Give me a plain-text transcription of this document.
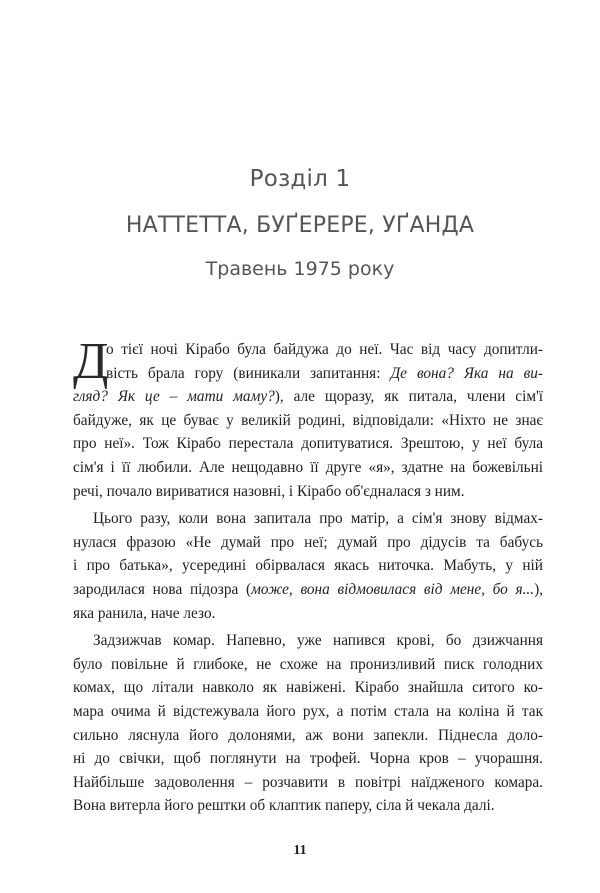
Розділ 1
НАТТЕТТА, БУҐЕРЕРЕ, УҐАНДА
Травень 1975 року
Д
о тієї ночі Кірабо була байдужа до неї. Час від часу допитли-
вість брала гору (виникали запитання: Де вона? Яка на ви-
гляд? Як це – мати маму?), але щоразу, як питала, члени сім'ї
байдуже, як це буває у великій родині, відповідали: «Ніхто не знає
про неї». Тож Кірабо перестала допитуватися. Зрештою, у неї була
сім'я і її любили. Але нещодавно її друге «я», здатне на божевільні
речі, почало вириватися назовні, і Кірабо об'єдналася з ним.
Цього разу, коли вона запитала про матір, а сім'я знову відмах-
нулася фразою «Не думай про неї; думай про дідусів та бабусь
і про батька», усередині обірвалася якась ниточка. Мабуть, у ній
зародилася нова підозра (може, вона відмовилася від мене, бо я...),
яка ранила, наче лезо.
Задзижчав комар. Напевно, уже напився крові, бо дзижчання
було повільне й глибоке, не схоже на пронизливий писк голодних
комах, що літали навколо як навіжені. Кірабо знайшла ситого ко-
мара очима й відстежувала його рух, а потім стала на коліна й так
сильно ляснула його долонями, аж вони запекли. Піднесла доло-
ні до свічки, щоб поглянути на трофей. Чорна кров – учорашня.
Найбільше задоволення – розчавити в повітрі наїдженого комара.
Вона витерла його рештки об клаптик паперу, сіла й чекала далі.
11
